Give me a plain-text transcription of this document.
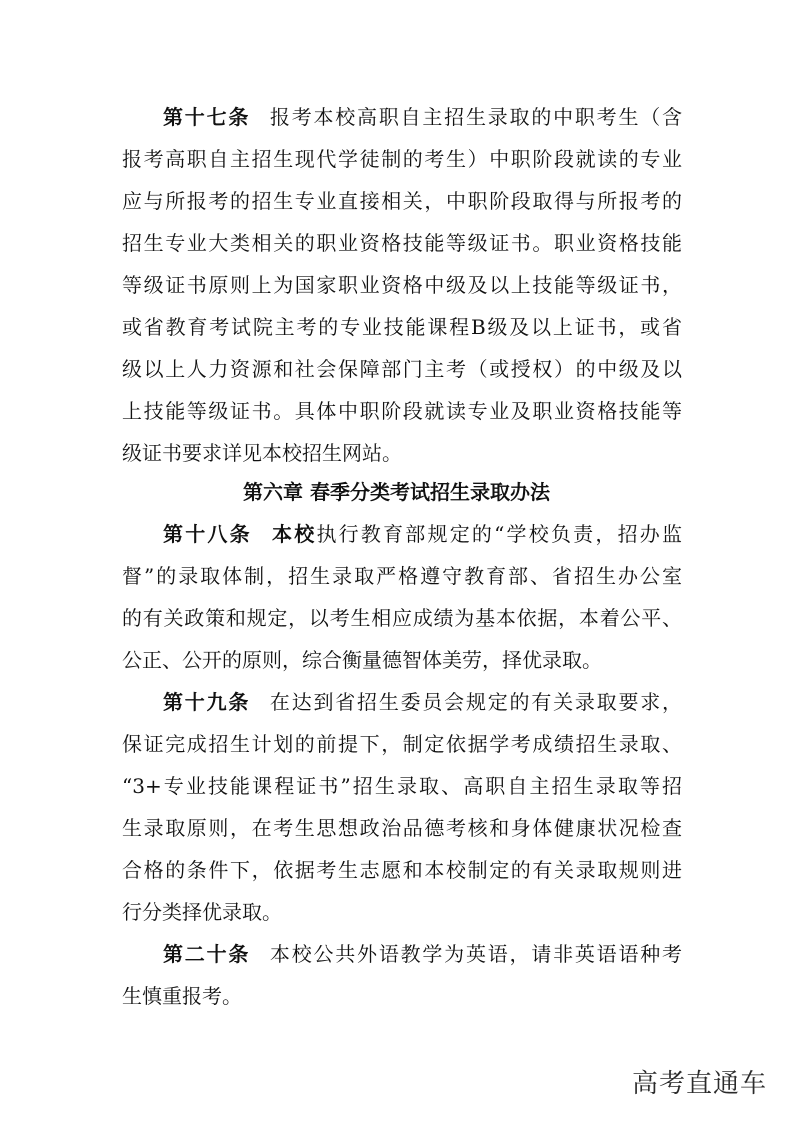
第十七条 报考本校高职自主招生录取的中职考生（含
报考高职自主招生现代学徒制的考生）中职阶段就读的专业
应与所报考的招生专业直接相关，中职阶段取得与所报考的
招生专业大类相关的职业资格技能等级证书。职业资格技能
等级证书原则上为国家职业资格中级及以上技能等级证书，
或省教育考试院主考的专业技能课程B级及以上证书，或省
级以上人力资源和社会保障部门主考（或授权）的中级及以
上技能等级证书。具体中职阶段就读专业及职业资格技能等
级证书要求详见本校招生网站。
第六章 春季分类考试招生录取办法
第十八条 本校执行教育部规定的“学校负责，招办监
督”的录取体制，招生录取严格遵守教育部、省招生办公室
的有关政策和规定，以考生相应成绩为基本依据，本着公平、
公正、公开的原则，综合衡量德智体美劳，择优录取。
第十九条 在达到省招生委员会规定的有关录取要求，
保证完成招生计划的前提下，制定依据学考成绩招生录取、
“3+专业技能课程证书”招生录取、高职自主招生录取等招
生录取原则，在考生思想政治品德考核和身体健康状况检查
合格的条件下，依据考生志愿和本校制定的有关录取规则进
行分类择优录取。
第二十条 本校公共外语教学为英语，请非英语语种考
生慎重报考。
高考直通车
